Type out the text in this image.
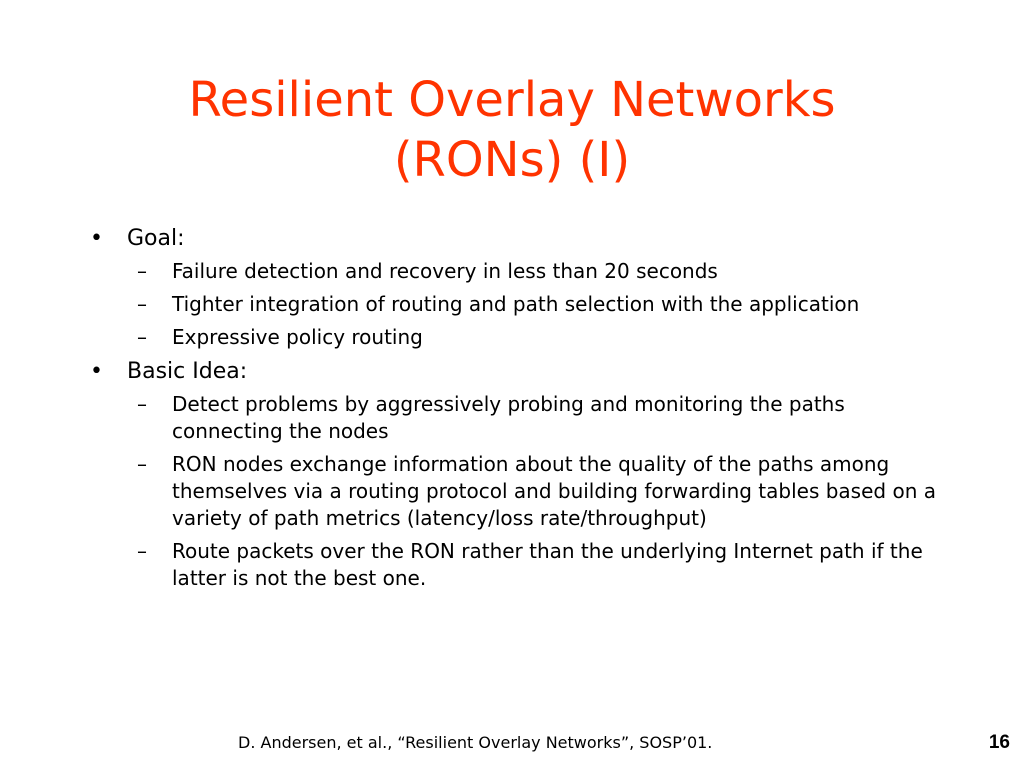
Resilient Overlay Networks
(RONs) (I)
• Goal:
– Failure detection and recovery in less than 20 seconds
– Tighter integration of routing and path selection with the application
– Expressive policy routing
• Basic Idea:
– Detect problems by aggressively probing and monitoring the paths connecting the nodes
– RON nodes exchange information about the quality of the paths among themselves via a routing protocol and building forwarding tables based on a variety of path metrics (latency/loss rate/throughput)
– Route packets over the RON rather than the underlying Internet path if the latter is not the best one.
D. Andersen, et al., “Resilient Overlay Networks”, SOSP’01.	16
